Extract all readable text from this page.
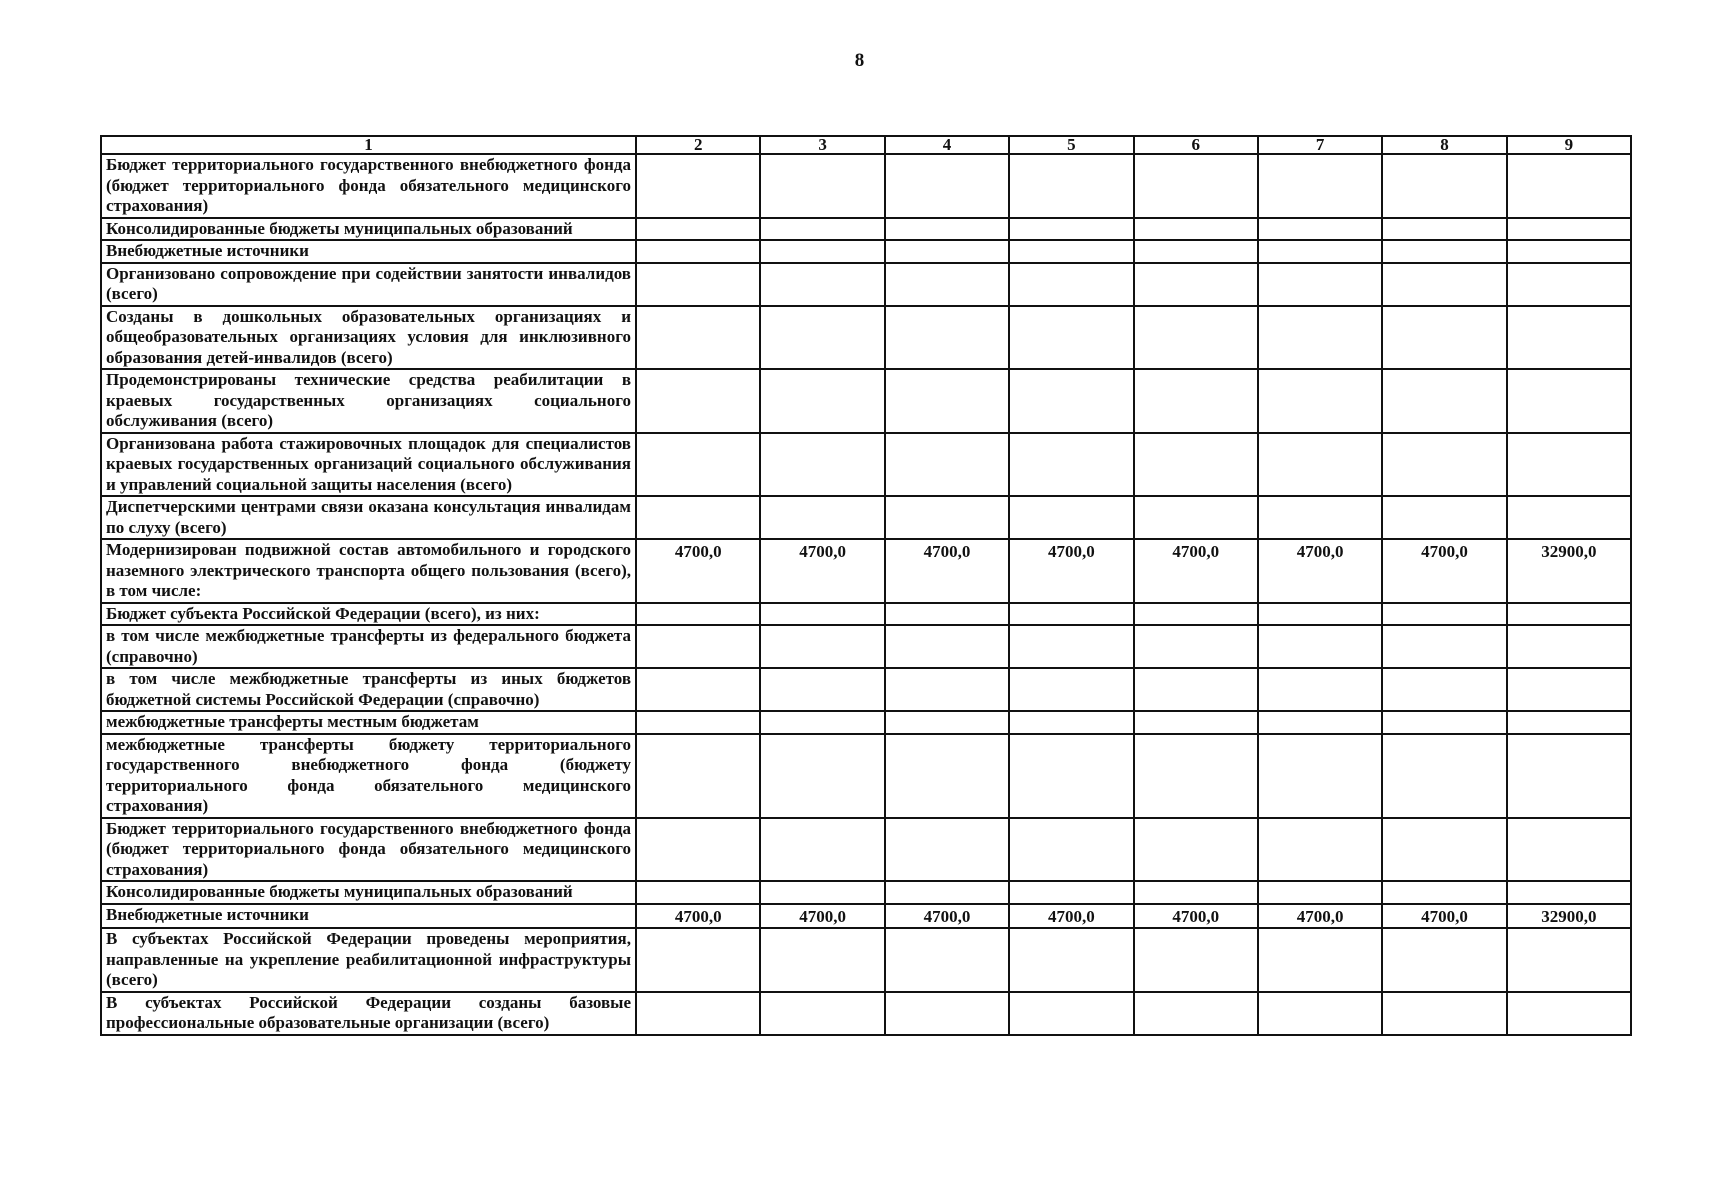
8
1	2	3	4	5	6	7	8	9
Бюджет территориального государственного внебюджетного фонда (бюджет территориального фонда обязательного медицинского страхования)								
Консолидированные бюджеты муниципальных образований								
Внебюджетные источники								
Организовано сопровождение при содействии занятости инвалидов (всего)								
Созданы в дошкольных образовательных организациях и общеобразовательных организациях условия для инклюзивного образования детей-инвалидов (всего)								
Продемонстрированы технические средства реабилитации в краевых государственных организациях социального обслуживания (всего)								
Организована работа стажировочных площадок для специалистов краевых государственных организаций социального обслуживания и управлений социальной защиты населения (всего)								
Диспетчерскими центрами связи оказана консультация инвалидам по слуху (всего)								
Модернизирован подвижной состав автомобильного и городского наземного электрического транспорта общего пользования (всего), в том числе:	4700,0	4700,0	4700,0	4700,0	4700,0	4700,0	4700,0	32900,0
Бюджет субъекта Российской Федерации (всего), из них:								
в том числе межбюджетные трансферты из федерального бюджета (справочно)								
в том числе межбюджетные трансферты из иных бюджетов бюджетной системы Российской Федерации (справочно)								
межбюджетные трансферты местным бюджетам								
межбюджетные трансферты бюджету территориального государственного внебюджетного фонда (бюджету территориального фонда обязательного медицинского страхования)								
Бюджет территориального государственного внебюджетного фонда (бюджет территориального фонда обязательного медицинского страхования)								
Консолидированные бюджеты муниципальных образований								
Внебюджетные источники	4700,0	4700,0	4700,0	4700,0	4700,0	4700,0	4700,0	32900,0
В субъектах Российской Федерации проведены мероприятия, направленные на укрепление реабилитационной инфраструктуры (всего)								
В субъектах Российской Федерации созданы базовые профессиональные образовательные организации (всего)								
